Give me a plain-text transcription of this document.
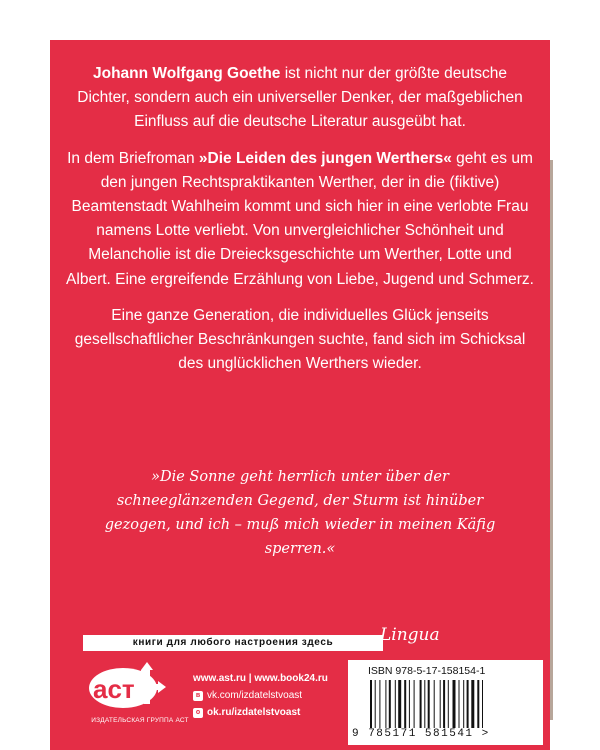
Johann Wolfgang Goethe ist nicht nur der größte deutsche Dichter, sondern auch ein universeller Denker, der maßgeblichen Einfluss auf die deutsche Literatur ausgeübt hat.

In dem Briefroman »Die Leiden des jungen Werthers« geht es um den jungen Rechtspraktikanten Werther, der in die (fiktive) Beamtenstadt Wahlheim kommt und sich hier in eine verlobte Frau namens Lotte verliebt. Von unvergleichlicher Schönheit und Melancholie ist die Dreiecksgeschichte um Werther, Lotte und Albert. Eine ergreifende Erzählung von Liebe, Jugend und Schmerz.

Eine ganze Generation, die individuelles Glück jenseits gesellschaftlicher Beschränkungen suchte, fand sich im Schicksal des unglücklichen Werthers wieder.

»Die Sonne geht herrlich unter über der schneeglänzenden Gegend, der Sturm ist hinüber gezogen, und ich – muß mich wieder in meinen Käfig sperren.«
книги для любого настроения здесь	Lingua
аст
ИЗДАТЕЛЬСКАЯ ГРУППА АСТ
www.ast.ru | www.book24.ru
в vk.com/izdatelstvoast
о ok.ru/izdatelstvoast
ISBN 978-5-17-158154-1
9 785171 581541 >
